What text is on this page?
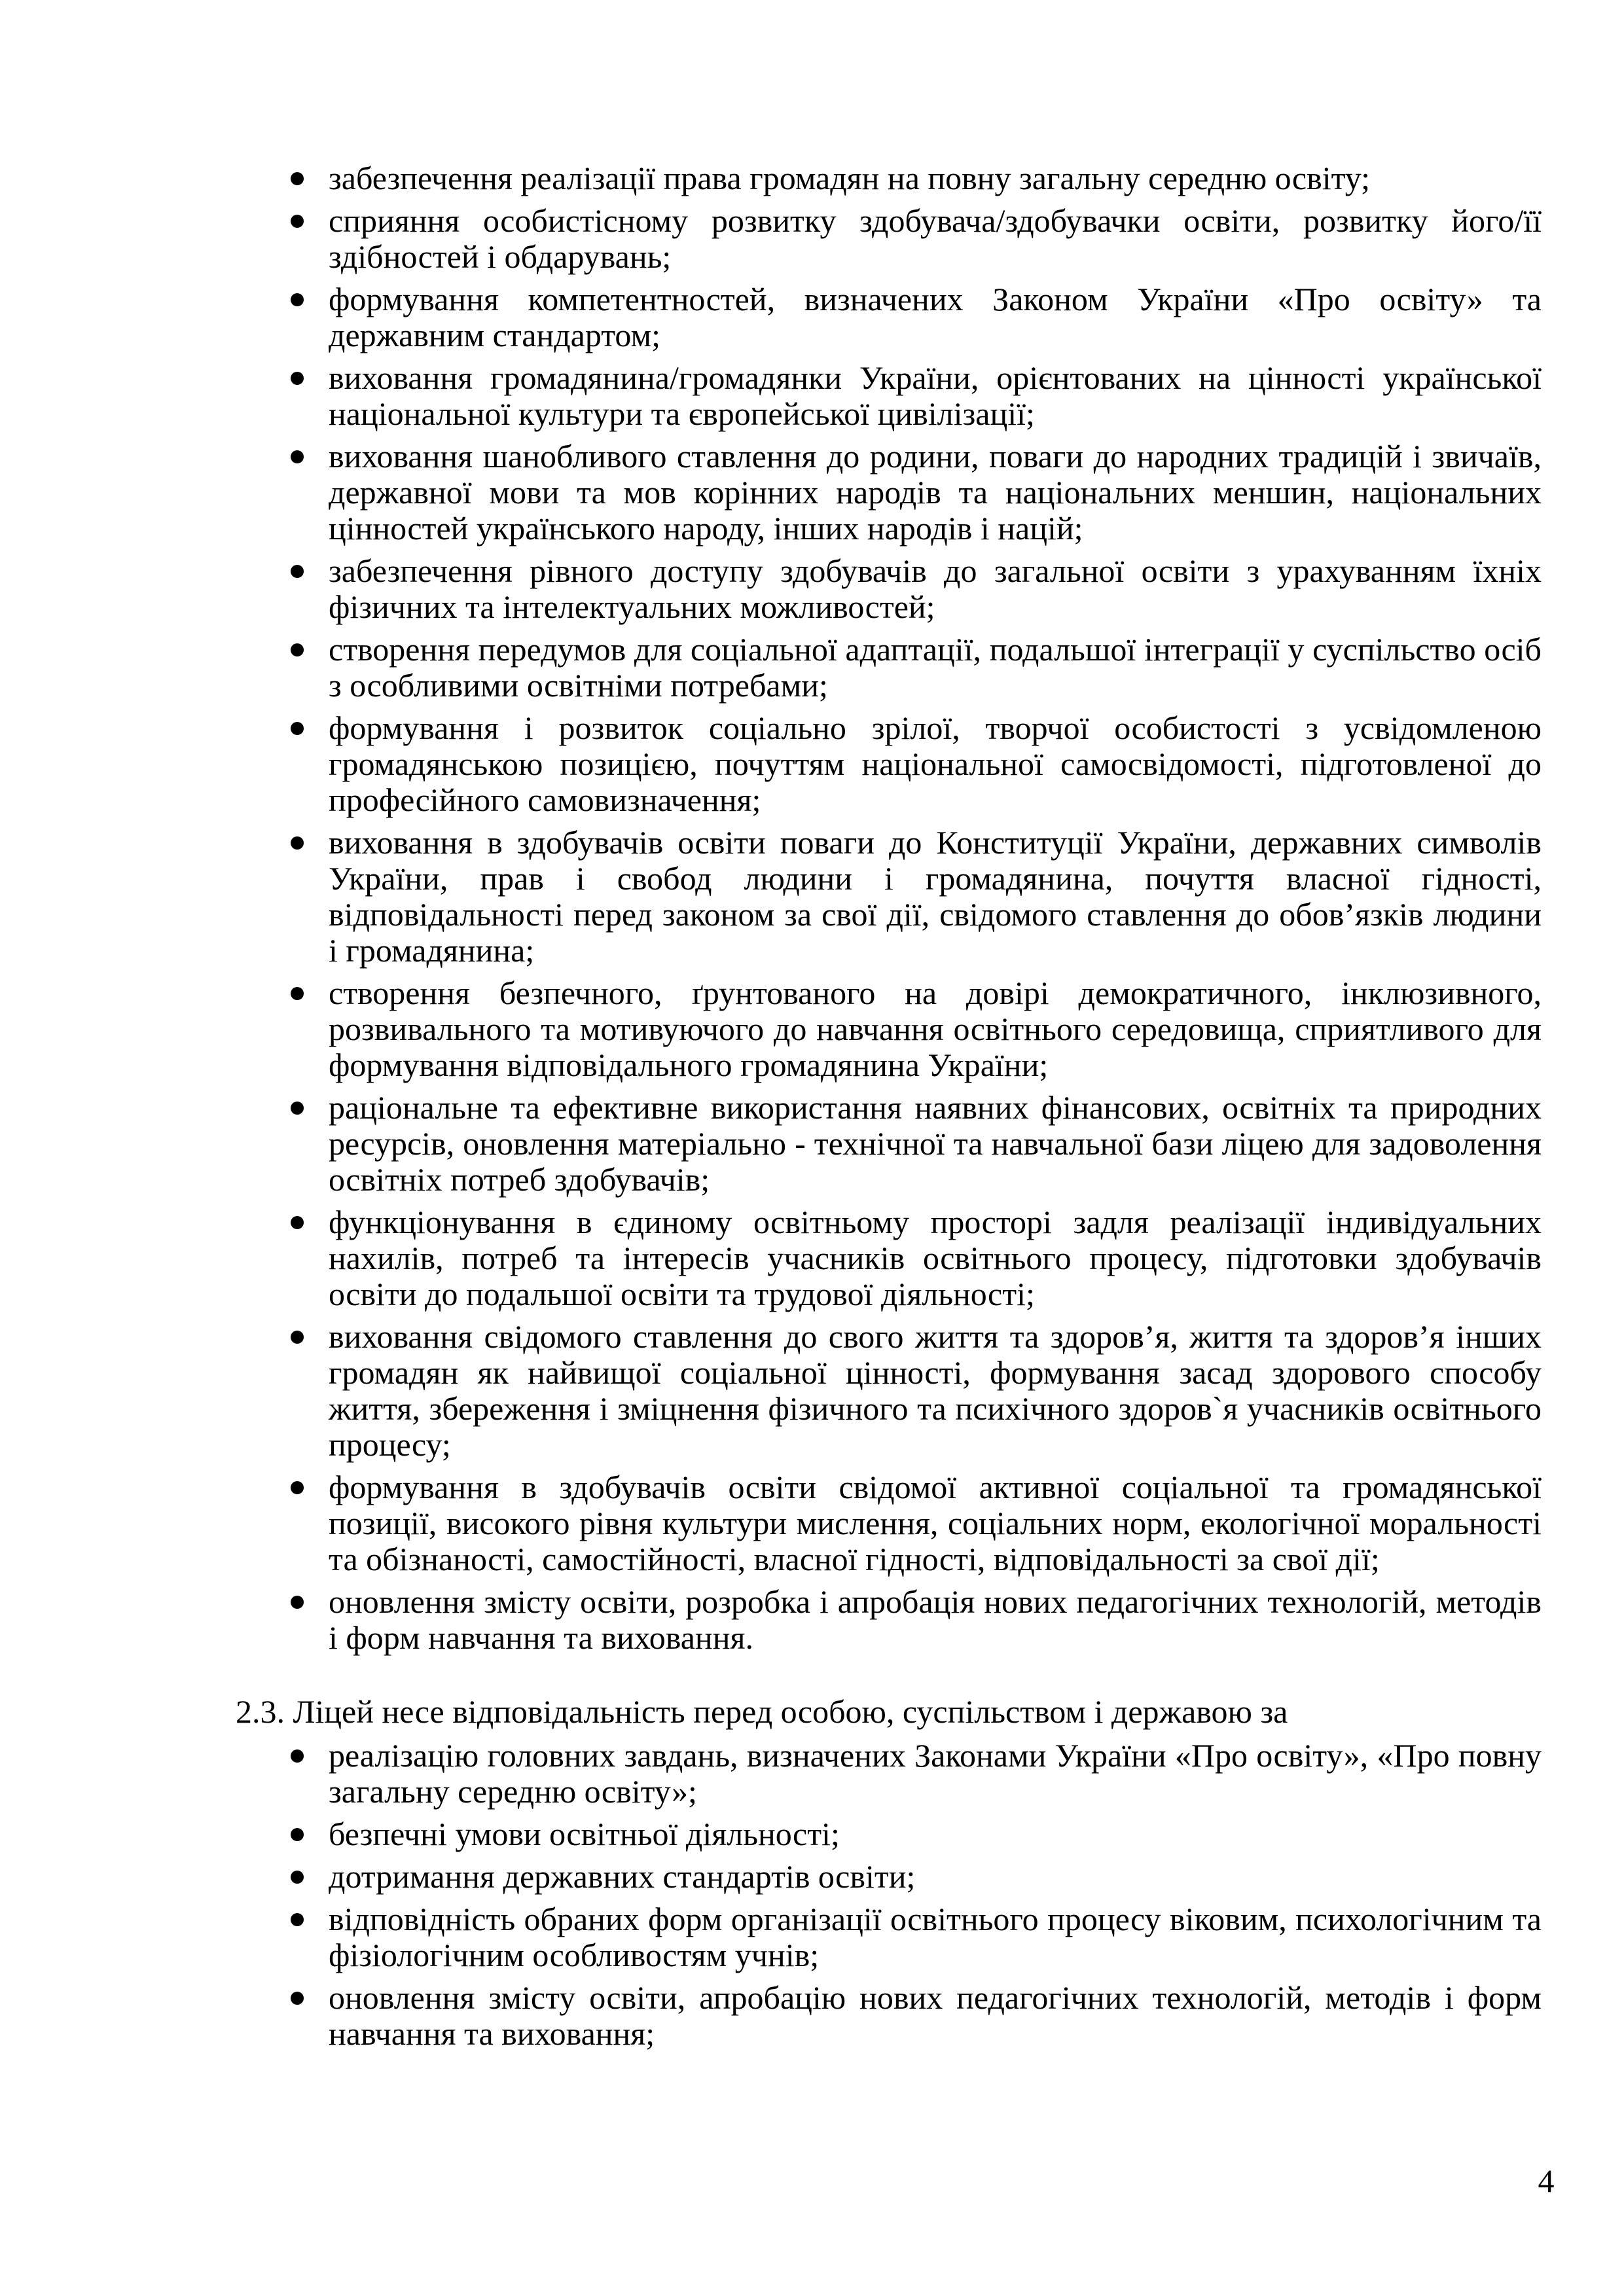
забезпечення реалізації права громадян на повну загальну середню освіту;
сприяння особистісному розвитку здобувача/здобувачки освіти, розвитку його/її здібностей і обдарувань;
формування компетентностей, визначених Законом України «Про освіту» та державним стандартом;
виховання громадянина/громадянки України, орієнтованих на цінності української національної культури та європейської цивілізації;
виховання шанобливого ставлення до родини, поваги до народних традицій і звичаїв, державної мови та мов корінних народів та національних меншин, національних цінностей українського народу, інших народів і націй;
забезпечення рівного доступу здобувачів до загальної освіти з урахуванням їхніх фізичних та інтелектуальних можливостей;
створення передумов для соціальної адаптації, подальшої інтеграції у суспільство осіб з особливими освітніми потребами;
формування і розвиток соціально зрілої, творчої особистості з усвідомленою громадянською позицією, почуттям національної самосвідомості, підготовленої до професійного самовизначення;
виховання в здобувачів освіти поваги до Конституції України, державних символів України, прав і свобод людини і громадянина, почуття власної гідності, відповідальності перед законом за свої дії, свідомого ставлення до обов’язків людини і громадянина;
створення безпечного, ґрунтованого на довірі демократичного, інклюзивного, розвивального та мотивуючого до навчання освітнього середовища, сприятливого для формування відповідального громадянина України;
раціональне та ефективне використання наявних фінансових, освітніх та природних ресурсів, оновлення матеріально - технічної та навчальної бази ліцею для задоволення освітніх потреб здобувачів;
функціонування в єдиному освітньому просторі задля реалізації індивідуальних нахилів, потреб та інтересів учасників освітнього процесу, підготовки здобувачів освіти до подальшої освіти та трудової діяльності;
виховання свідомого ставлення до свого життя та здоров’я, життя та здоров’я інших громадян як найвищої соціальної цінності, формування засад здорового способу життя, збереження і зміцнення фізичного та психічного здоров`я учасників освітнього процесу;
формування в здобувачів освіти свідомої активної соціальної та громадянської позиції, високого рівня культури мислення, соціальних норм, екологічної моральності та обізнаності, самостійності, власної гідності, відповідальності за свої дії;
оновлення змісту освіти, розробка і апробація нових педагогічних технологій, методів і форм навчання та виховання.

2.3. Ліцей несе відповідальність перед особою, суспільством і державою за

реалізацію головних завдань, визначених Законами України «Про освіту», «Про повну загальну середню освіту»;
безпечні умови освітньої діяльності;
дотримання державних стандартів освіти;
відповідність обраних форм організації освітнього процесу віковим, психологічним та фізіологічним особливостям учнів;
оновлення змісту освіти, апробацію нових педагогічних технологій, методів і форм навчання та виховання;
4
